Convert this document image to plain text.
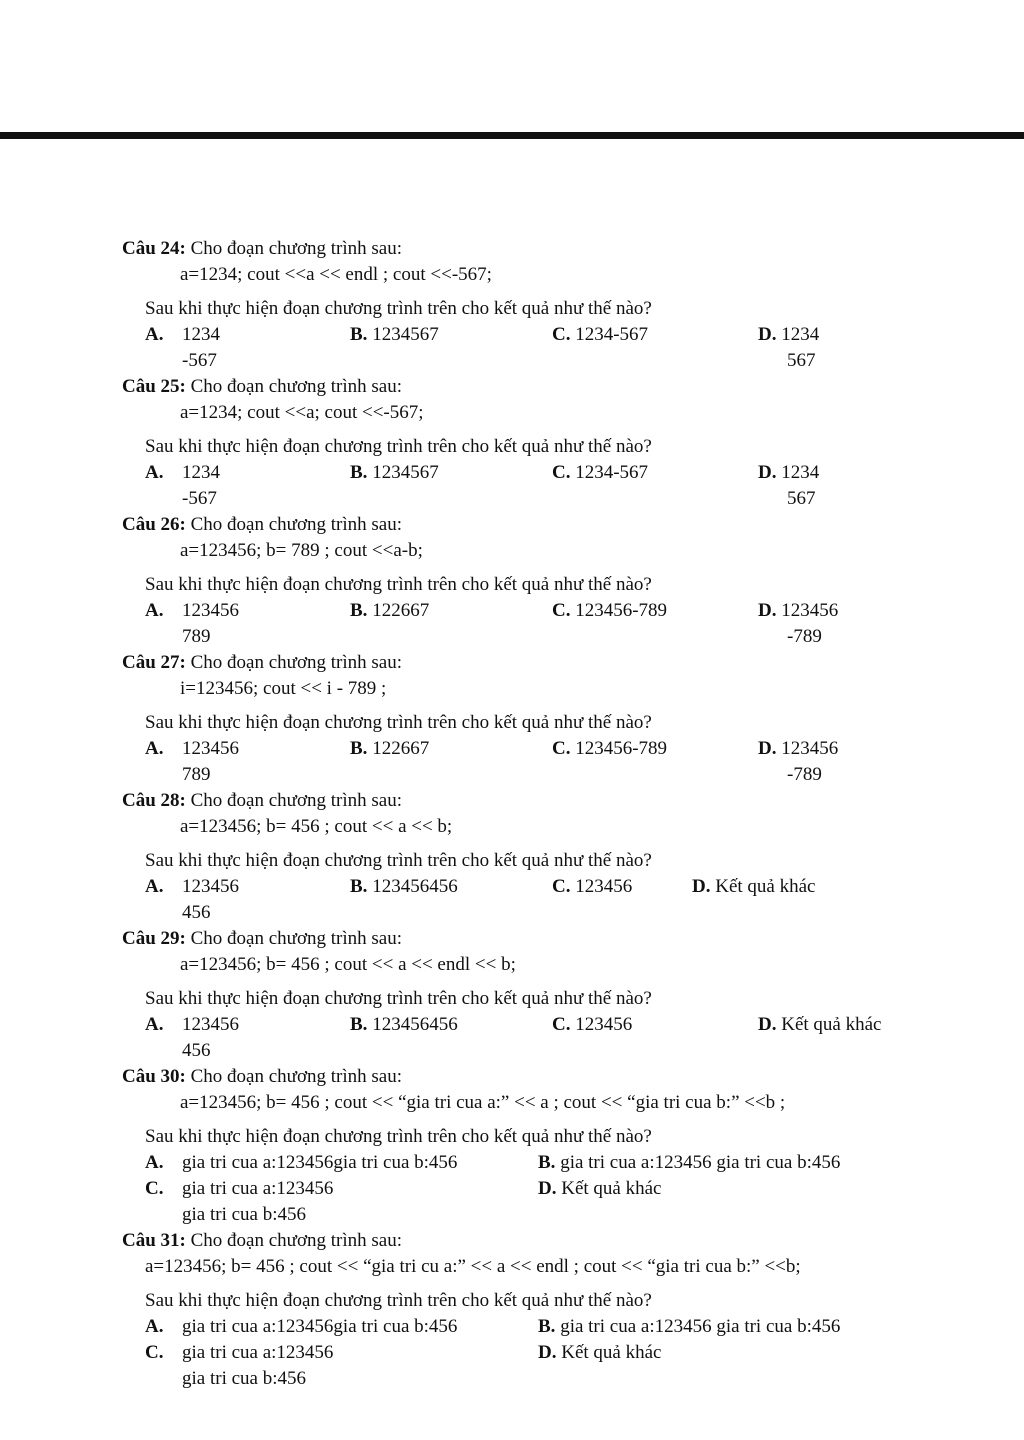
Câu 24: Cho đoạn chương trình sau:
a=1234; cout <<a << endl ; cout <<-567;
Sau khi thực hiện đoạn chương trình trên cho kết quả như thế nào?
A. 1234
-567
B. 1234567	C. 1234-567	D. 1234
567
Câu 25: Cho đoạn chương trình sau:
a=1234; cout <<a; cout <<-567;
Sau khi thực hiện đoạn chương trình trên cho kết quả như thế nào?
A. 1234
-567
B. 1234567	C. 1234-567	D. 1234
567
Câu 26: Cho đoạn chương trình sau:
a=123456; b= 789 ; cout <<a-b;
Sau khi thực hiện đoạn chương trình trên cho kết quả như thế nào?
A. 123456
789
B. 122667	C. 123456-789	D. 123456
-789
Câu 27: Cho đoạn chương trình sau:
i=123456; cout << i - 789 ;
Sau khi thực hiện đoạn chương trình trên cho kết quả như thế nào?
A. 123456
789
B. 122667	C. 123456-789	D. 123456
-789
Câu 28: Cho đoạn chương trình sau:
a=123456; b= 456 ; cout << a << b;
Sau khi thực hiện đoạn chương trình trên cho kết quả như thế nào?
A. 123456
456
B. 123456456	C. 123456	D. Kết quả khác
Câu 29: Cho đoạn chương trình sau:
a=123456; b= 456 ; cout << a << endl << b;
Sau khi thực hiện đoạn chương trình trên cho kết quả như thế nào?
A. 123456
456
B. 123456456	C. 123456	D. Kết quả khác
Câu 30: Cho đoạn chương trình sau:
a=123456; b= 456 ; cout << “gia tri cua a:” << a ; cout << “gia tri cua b:” <<b ;
Sau khi thực hiện đoạn chương trình trên cho kết quả như thế nào?
A. gia tri cua a:123456gia tri cua b:456	B. gia tri cua a:123456 gia tri cua b:456
C. gia tri cua a:123456
gia tri cua b:456
D. Kết quả khác
Câu 31: Cho đoạn chương trình sau:
a=123456; b= 456 ; cout << “gia tri cu a:” << a << endl ; cout << “gia tri cua b:” <<b;
Sau khi thực hiện đoạn chương trình trên cho kết quả như thế nào?
A. gia tri cua a:123456gia tri cua b:456	B. gia tri cua a:123456 gia tri cua b:456
C. gia tri cua a:123456
gia tri cua b:456
D. Kết quả khác
